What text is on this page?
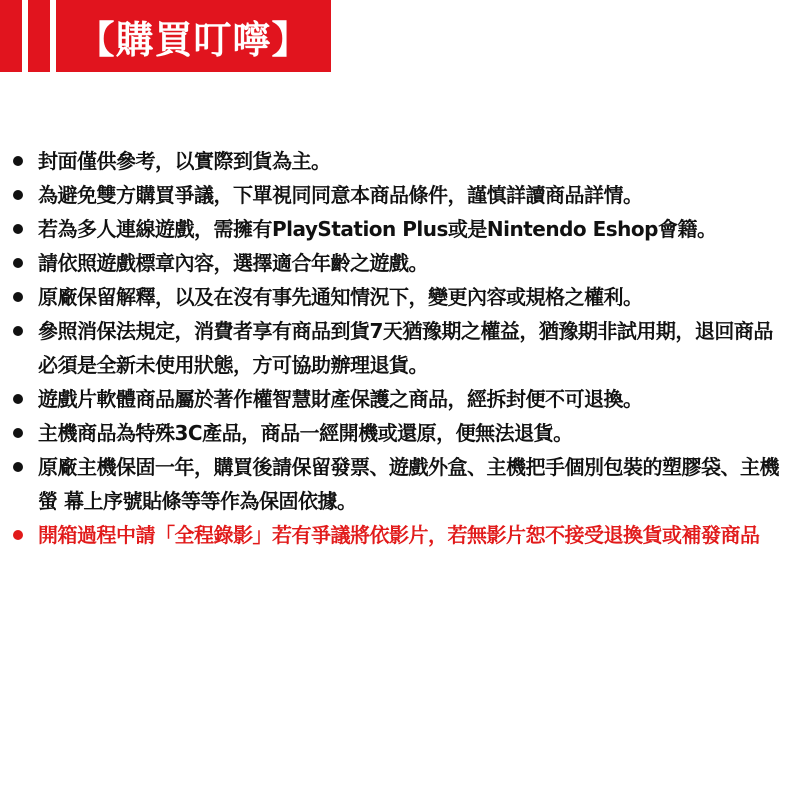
【購買叮嚀】
封面僅供參考，以實際到貨為主。
為避免雙方購買爭議，下單視同同意本商品條件，謹慎詳讀商品詳情。
若為多人連線遊戲，需擁有PlayStation Plus或是Nintendo Eshop會籍。
請依照遊戲標章內容，選擇適合年齡之遊戲。
原廠保留解釋，以及在沒有事先通知情況下，變更內容或規格之權利。
參照消保法規定，消費者享有商品到貨7天猶豫期之權益，猶豫期非試用期，退回商品必須是全新未使用狀態，方可協助辦理退貨。
遊戲片軟體商品屬於著作權智慧財產保護之商品，經拆封便不可退換。
主機商品為特殊3C產品，商品一經開機或還原，便無法退貨。
原廠主機保固一年，購買後請保留發票、遊戲外盒、主機把手個別包裝的塑膠袋、主機螢 幕上序號貼條等等作為保固依據。
開箱過程中請「全程錄影」若有爭議將依影片，若無影片恕不接受退換貨或補發商品
